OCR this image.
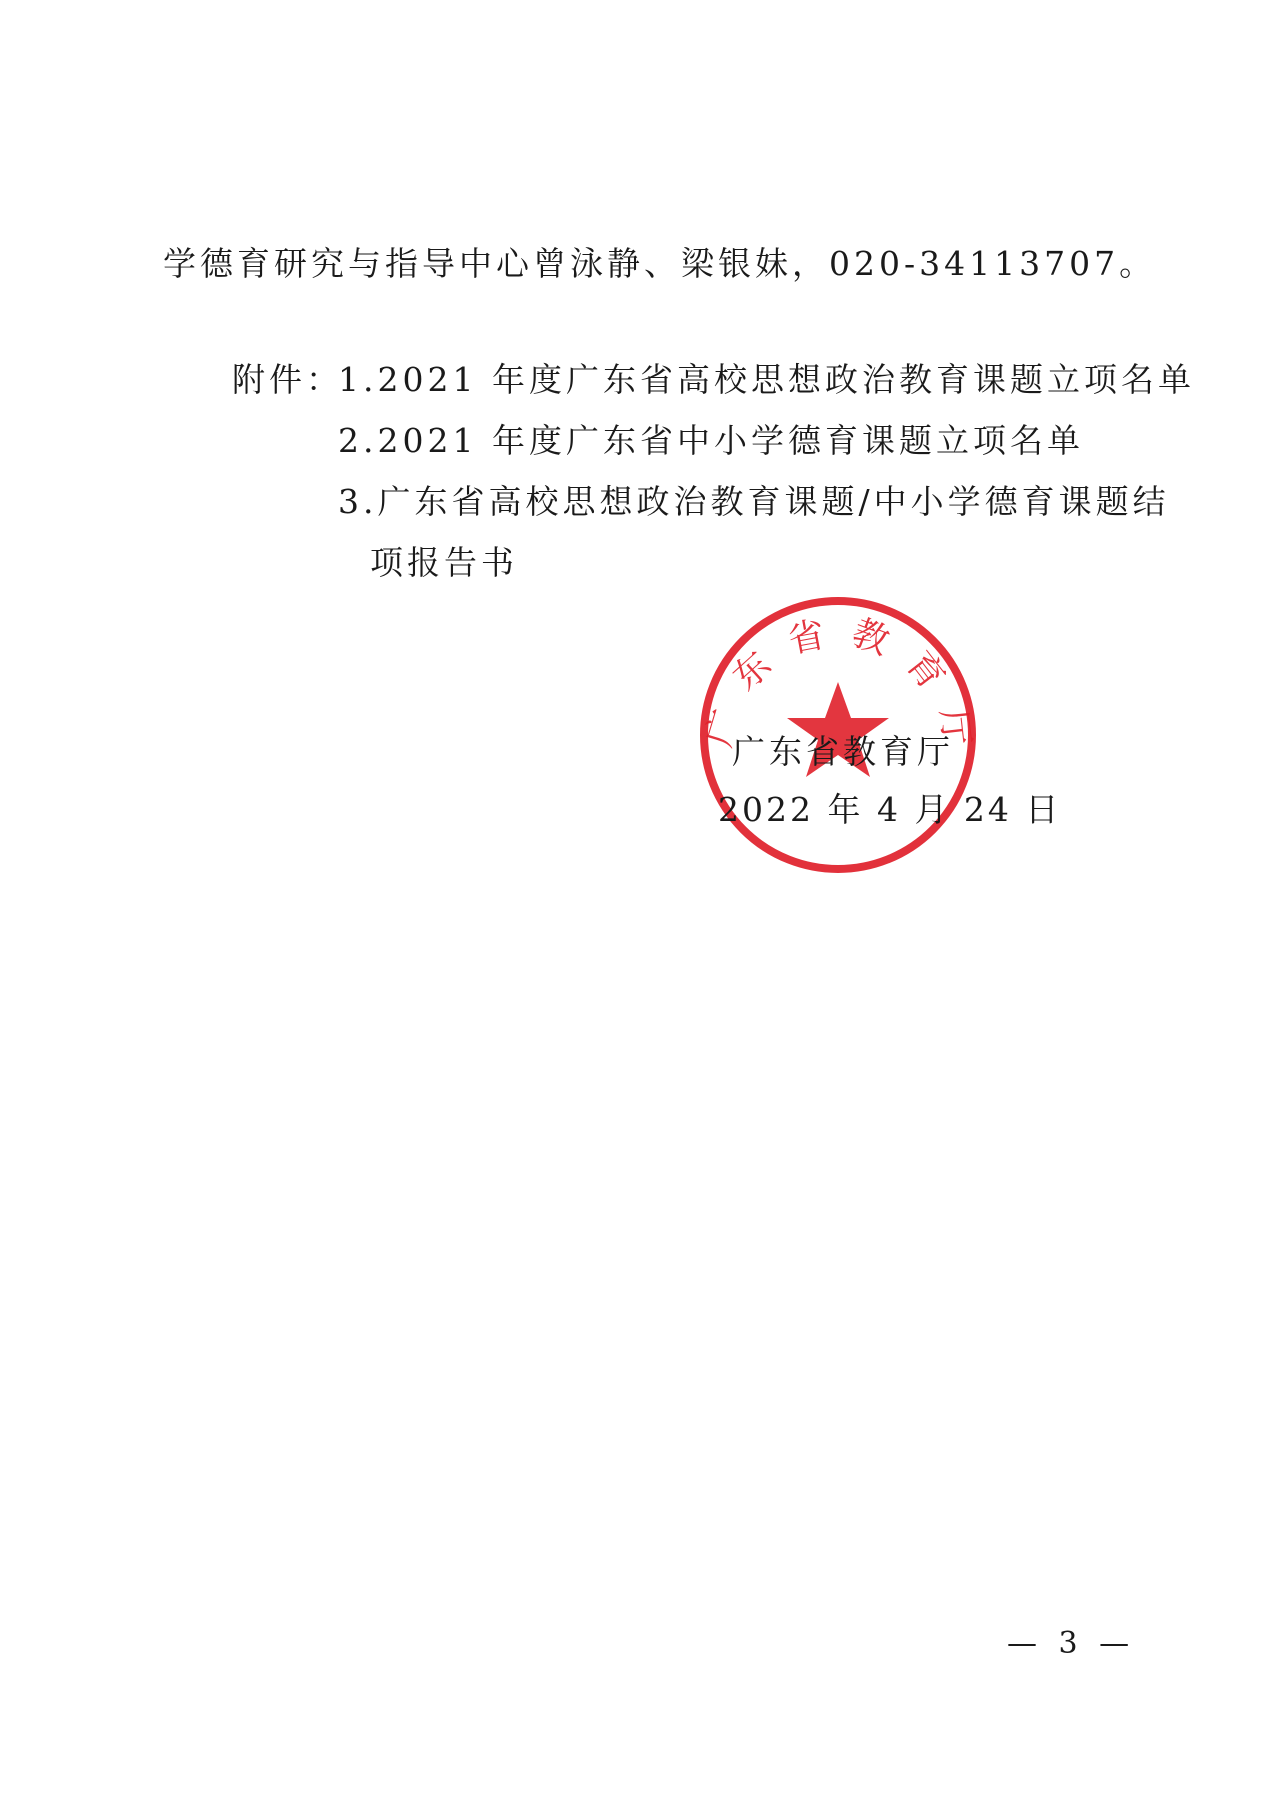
学德育研究与指导中心曾泳静、梁银妹，020-34113707。
附件：
1.2021 年度广东省高校思想政治教育课题立项名单
2.2021 年度广东省中小学德育课题立项名单
3.广东省高校思想政治教育课题/中小学德育课题结
项报告书
广东省教育厅
广东省教育厅
2022 年 4 月 24 日
— 3 —
